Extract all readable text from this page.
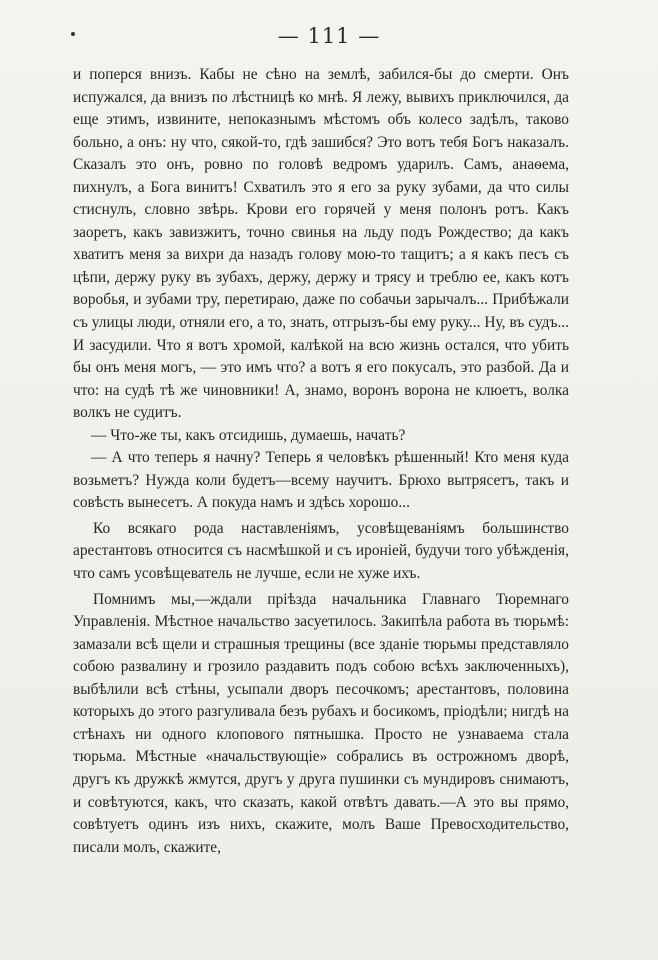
— 111 —

и поперся внизъ. Кабы не сѣно на землѣ, забился-бы до смерти. Онъ испужался, да внизъ по лѣстницѣ ко мнѣ. Я лежу, вывихъ приключился, да еще этимъ, извините, непоказнымъ мѣстомъ объ колесо задѣлъ, таково больно, а онъ: ну что, сякой-то, гдѣ зашибся? Это вотъ тебя Богъ наказалъ. Сказалъ это онъ, ровно по головѣ ведромъ ударилъ. Самъ, анаѳема, пихнулъ, а Бога винитъ! Схватилъ это я его за руку зубами, да что силы стиснулъ, словно звѣрь. Крови его горячей у меня полонъ ротъ. Какъ заоретъ, какъ завизжитъ, точно свинья на льду подъ Рождество; да какъ хватитъ меня за вихри да назадъ голову мою-то тащитъ; а я какъ песъ съ цѣпи, держу руку въ зубахъ, держу, держу и трясу и треблю ее, какъ котъ воробья, и зубами тру, перетираю, даже по собачьи зарычалъ... Прибѣжали съ улицы люди, отняли его, а то, знать, отгрызъ-бы ему руку... Ну, въ судъ... И засудили. Что я вотъ хромой, калѣкой на всю жизнь остался, что убить бы онъ меня могъ, — это имъ что? а вотъ я его покусалъ, это разбой. Да и что: на судѣ тѣ же чиновники! А, знамо, воронъ ворона не клюетъ, волка волкъ не судитъ.

— Что-же ты, какъ отсидишь, думаешь, начать?

— А что теперь я начну? Теперь я человѣкъ рѣшенный! Кто меня куда возьметъ? Нужда коли будетъ—всему научитъ. Брюхо вытрясетъ, такъ и совѣсть вынесетъ. А покуда намъ и здѣсь хорошо...

Ко всякаго рода наставленіямъ, усовѣщеваніямъ большинство арестантовъ относится съ насмѣшкой и съ ироніей, будучи того убѣжденія, что самъ усовѣщеватель не лучше, если не хуже ихъ.

Помнимъ мы,—ждали пріѣзда начальника Главнаго Тюремнаго Управленія. Мѣстное начальство засуетилось. Закипѣла работа въ тюрьмѣ: замазали всѣ щели и страшныя трещины (все зданіе тюрьмы представляло собою развалину и грозило раздавить подъ собою всѣхъ заключенныхъ), выбѣлили всѣ стѣны, усыпали дворъ песочкомъ; арестантовъ, половина которыхъ до этого разгуливала безъ рубахъ и босикомъ, пріодѣли; нигдѣ на стѣнахъ ни одного клопового пятнышка. Просто не узнаваема стала тюрьма. Мѣстные «начальствующіе» собрались въ острожномъ дворѣ, другъ къ дружкѣ жмутся, другъ у друга пушинки съ мундировъ снимаютъ, и совѣтуются, какъ, что сказать, какой отвѣтъ давать.—А это вы прямо, совѣтуетъ одинъ изъ нихъ, скажите, молъ Ваше Превосходительство, писали молъ, скажите,
